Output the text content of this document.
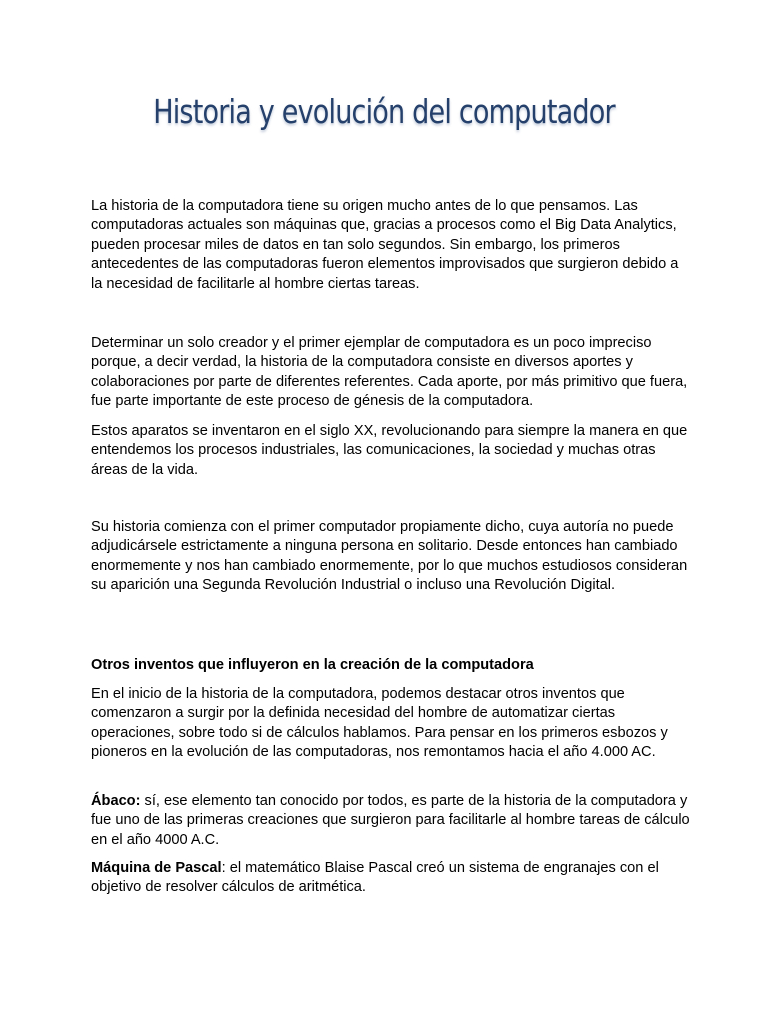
Historia y evolución del computador

La historia de la computadora tiene su origen mucho antes de lo que pensamos. Las computadoras actuales son máquinas que, gracias a procesos como el Big Data Analytics, pueden procesar miles de datos en tan solo segundos. Sin embargo, los primeros antecedentes de las computadoras fueron elementos improvisados que surgieron debido a la necesidad de facilitarle al hombre ciertas tareas.

Determinar un solo creador y el primer ejemplar de computadora es un poco impreciso porque, a decir verdad, la historia de la computadora consiste en diversos aportes y colaboraciones por parte de diferentes referentes. Cada aporte, por más primitivo que fuera, fue parte importante de este proceso de génesis de la computadora.

Estos aparatos se inventaron en el siglo XX, revolucionando para siempre la manera en que entendemos los procesos industriales, las comunicaciones, la sociedad y muchas otras áreas de la vida.

Su historia comienza con el primer computador propiamente dicho, cuya autoría no puede adjudicársele estrictamente a ninguna persona en solitario. Desde entonces han cambiado enormemente y nos han cambiado enormemente, por lo que muchos estudiosos consideran su aparición una Segunda Revolución Industrial o incluso una Revolución Digital.

Otros inventos que influyeron en la creación de la computadora

En el inicio de la historia de la computadora, podemos destacar otros inventos que comenzaron a surgir por la definida necesidad del hombre de automatizar ciertas operaciones, sobre todo si de cálculos hablamos. Para pensar en los primeros esbozos y pioneros en la evolución de las computadoras, nos remontamos hacia el año 4.000 AC.

Ábaco: sí, ese elemento tan conocido por todos, es parte de la historia de la computadora y fue uno de las primeras creaciones que surgieron para facilitarle al hombre tareas de cálculo en el año 4000 A.C.

Máquina de Pascal: el matemático Blaise Pascal creó un sistema de engranajes con el objetivo de resolver cálculos de aritmética.
